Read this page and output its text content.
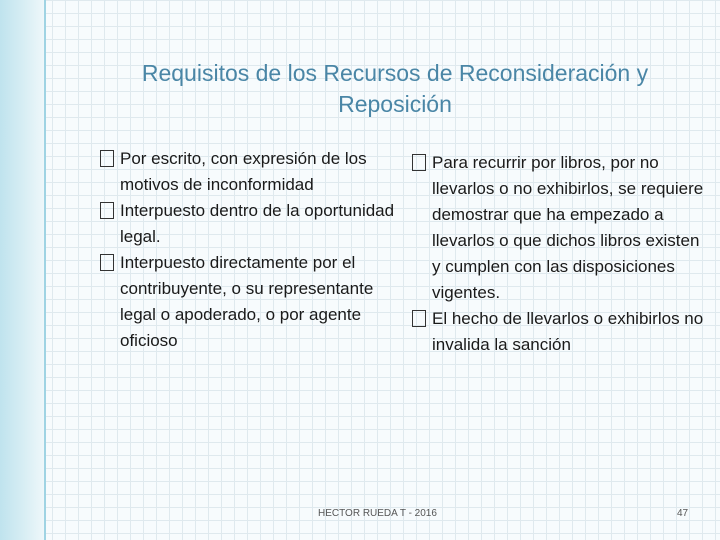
Requisitos de los Recursos de Reconsideración y Reposición

Por escrito, con expresión de los motivos de inconformidad

Interpuesto dentro de la oportunidad legal.

Interpuesto directamente por el contribuyente, o su representante legal o apoderado, o por agente oficioso

Para recurrir por libros, por no llevarlos o no exhibirlos, se requiere demostrar que ha empezado a llevarlos o que dichos libros existen y cumplen con las disposiciones vigentes.

El hecho de llevarlos o exhibirlos no invalida la sanción

HECTOR RUEDA T - 2016	47
